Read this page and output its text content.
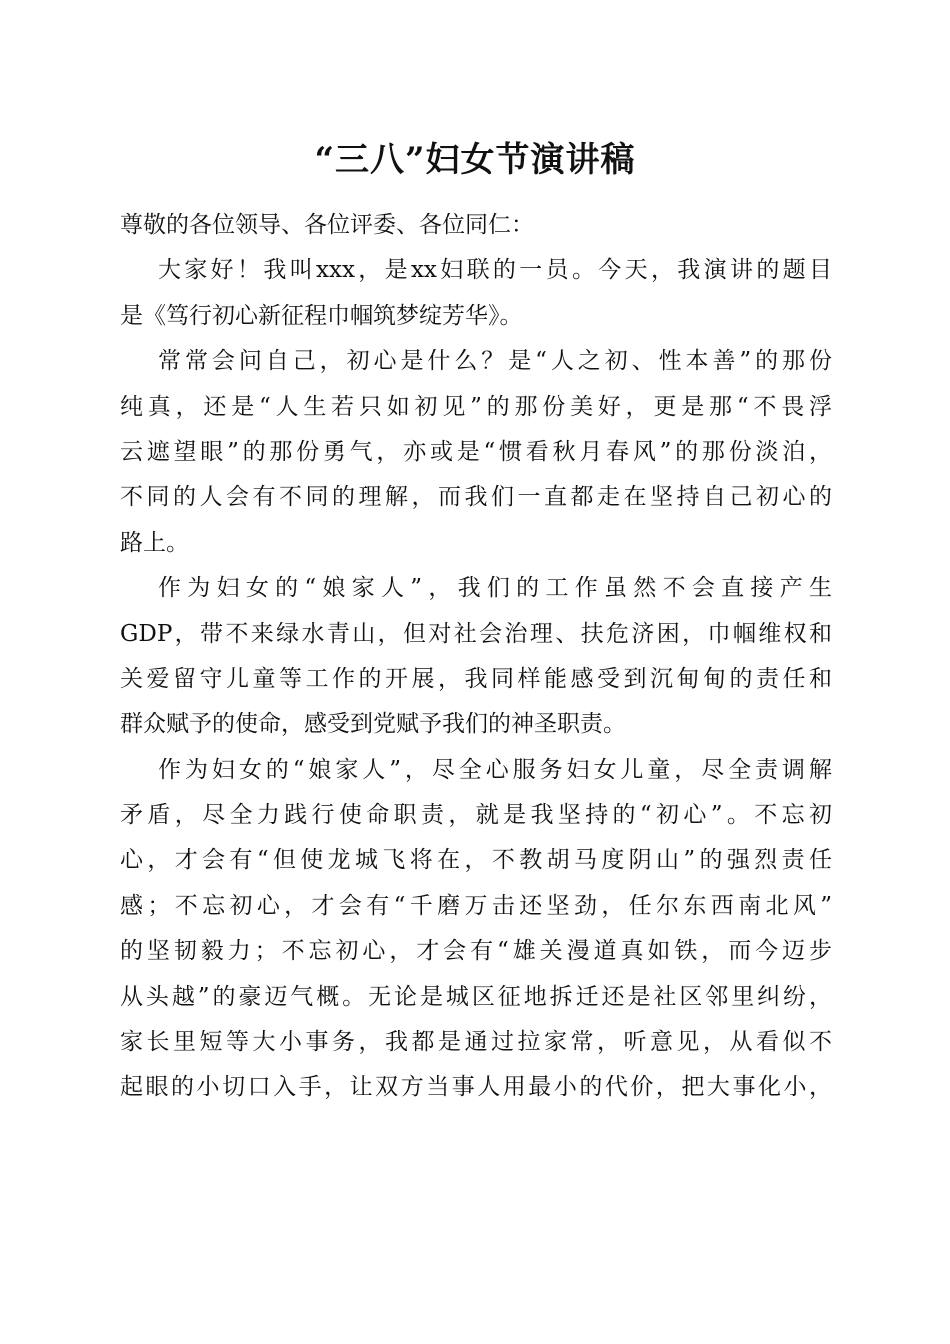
“三八”妇女节演讲稿
尊敬的各位领导、各位评委、各位同仁：
大家好！我叫xxx，是xx妇联的一员。今天，我演讲的题目
是《笃行初心新征程巾帼筑梦绽芳华》。
常常会问自己，初心是什么？是“人之初、性本善”的那份
纯真，还是“人生若只如初见”的那份美好，更是那“不畏浮
云遮望眼”的那份勇气，亦或是“惯看秋月春风”的那份淡泊，
不同的人会有不同的理解，而我们一直都走在坚持自己初心的
路上。
作为妇女的“娘家人”，我们的工作虽然不会直接产生
GDP，带不来绿水青山，但对社会治理、扶危济困，巾帼维权和
关爱留守儿童等工作的开展，我同样能感受到沉甸甸的责任和
群众赋予的使命，感受到党赋予我们的神圣职责。
作为妇女的“娘家人”，尽全心服务妇女儿童，尽全责调解
矛盾，尽全力践行使命职责，就是我坚持的“初心”。不忘初
心，才会有“但使龙城飞将在，不教胡马度阴山”的强烈责任
感；不忘初心，才会有“千磨万击还坚劲，任尔东西南北风”
的坚韧毅力；不忘初心，才会有“雄关漫道真如铁，而今迈步
从头越”的豪迈气概。无论是城区征地拆迁还是社区邻里纠纷，
家长里短等大小事务，我都是通过拉家常，听意见，从看似不
起眼的小切口入手，让双方当事人用最小的代价，把大事化小，
